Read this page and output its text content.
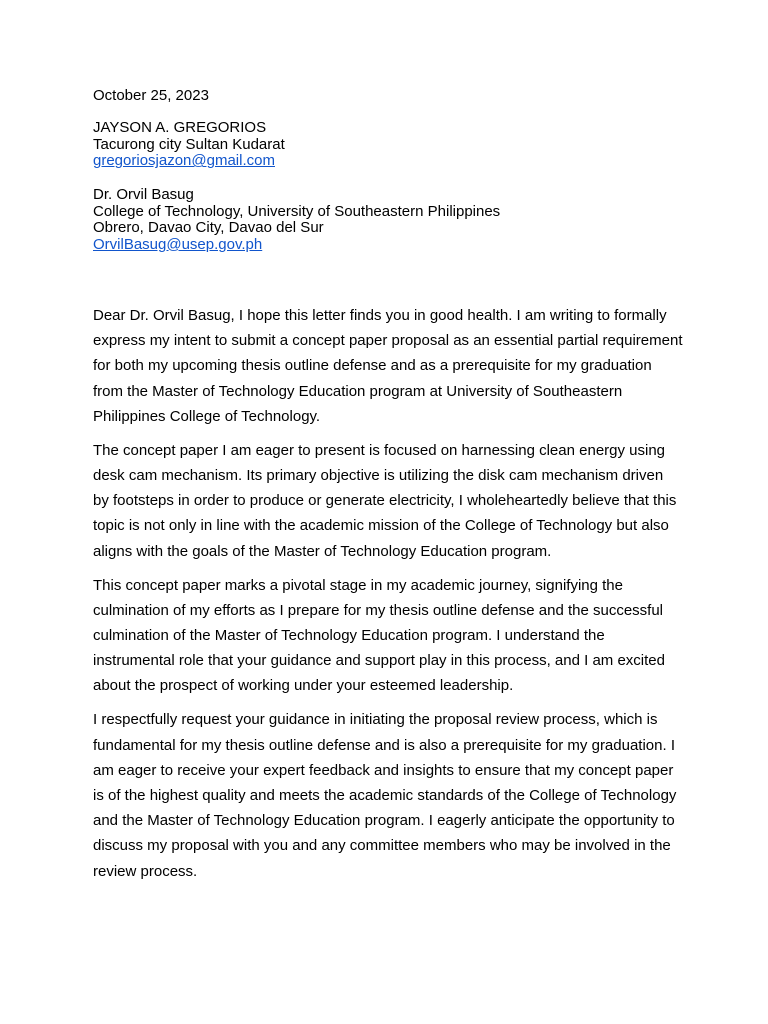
October 25, 2023
JAYSON A. GREGORIOS
Tacurong city Sultan Kudarat
gregoriosjazon@gmail.com
Dr. Orvil Basug
College of Technology, University of Southeastern Philippines
Obrero, Davao City, Davao del Sur
OrvilBasug@usep.gov.ph

Dear Dr. Orvil Basug, I hope this letter finds you in good health. I am writing to formally express my intent to submit a concept paper proposal as an essential partial requirement for both my upcoming thesis outline defense and as a prerequisite for my graduation from the Master of Technology Education program at University of Southeastern Philippines College of Technology.

The concept paper I am eager to present is focused on harnessing clean energy using desk cam mechanism. Its primary objective is utilizing the disk cam mechanism driven by footsteps in order to produce or generate electricity, I wholeheartedly believe that this topic is not only in line with the academic mission of the College of Technology but also aligns with the goals of the Master of Technology Education program.

This concept paper marks a pivotal stage in my academic journey, signifying the culmination of my efforts as I prepare for my thesis outline defense and the successful culmination of the Master of Technology Education program. I understand the instrumental role that your guidance and support play in this process, and I am excited about the prospect of working under your esteemed leadership.

I respectfully request your guidance in initiating the proposal review process, which is fundamental for my thesis outline defense and is also a prerequisite for my graduation. I am eager to receive your expert feedback and insights to ensure that my concept paper is of the highest quality and meets the academic standards of the College of Technology and the Master of Technology Education program. I eagerly anticipate the opportunity to discuss my proposal with you and any committee members who may be involved in the review process.
